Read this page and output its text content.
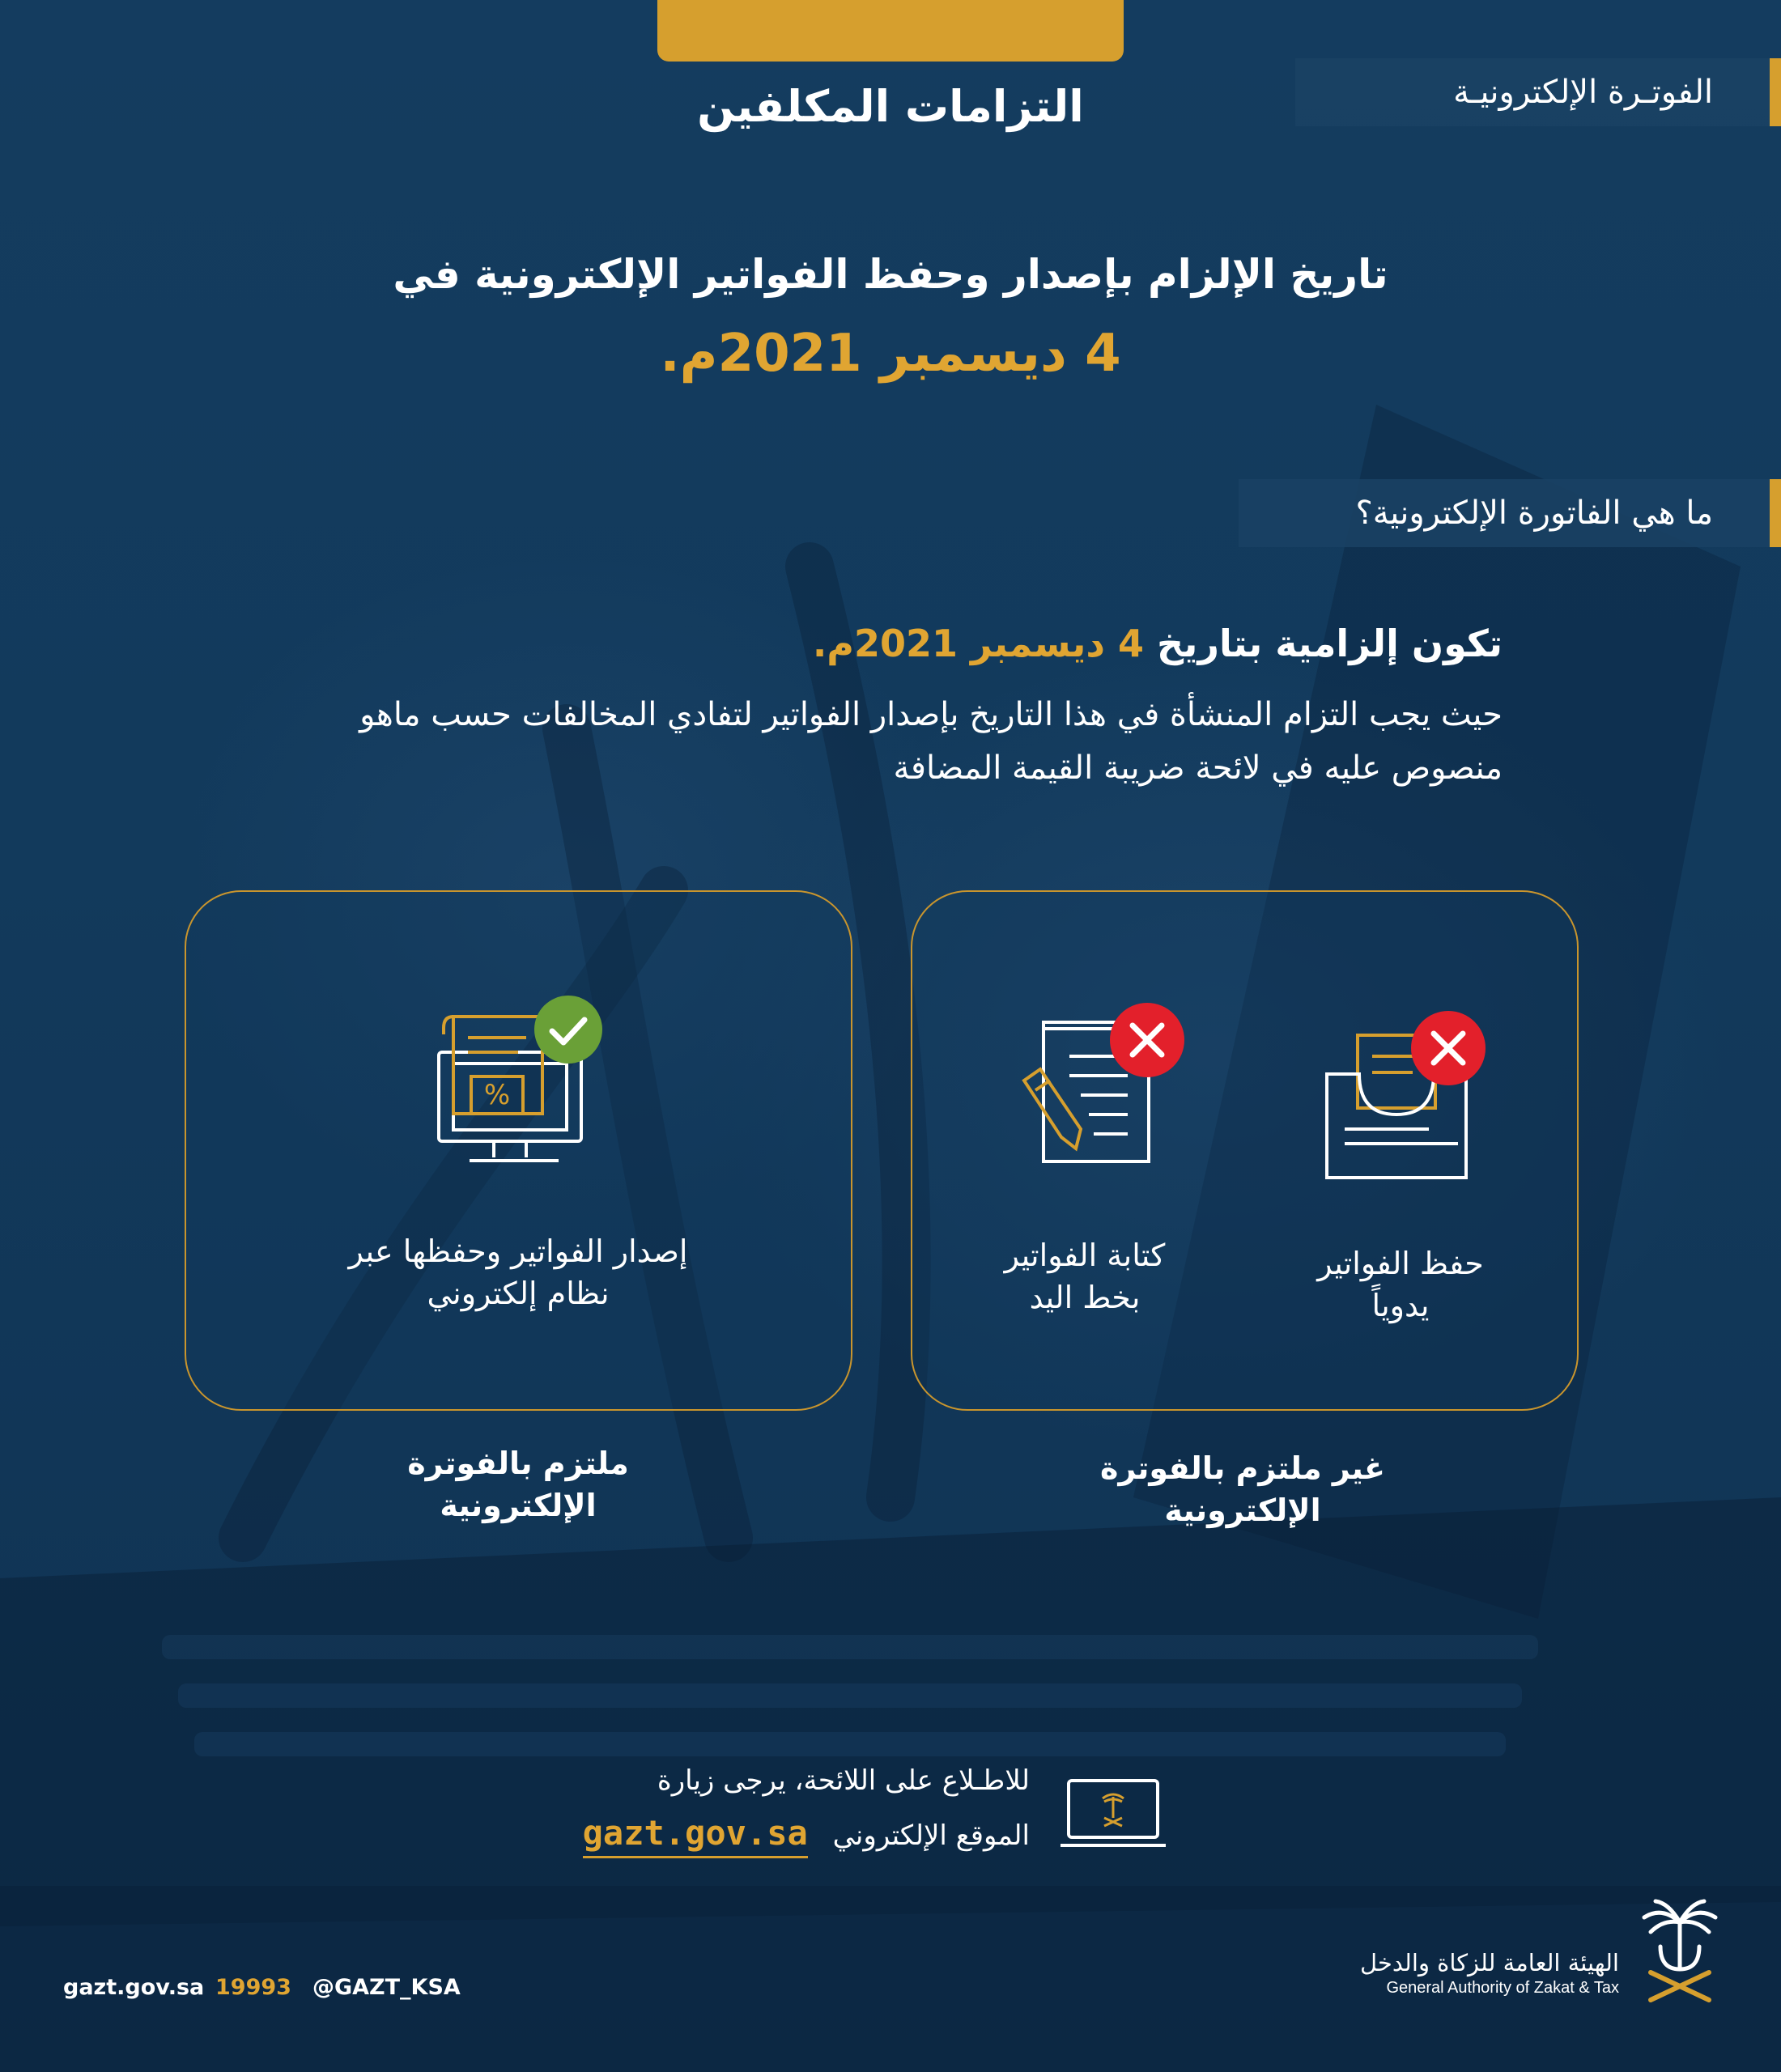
التزامات المكلفين	الفوتـرة الإلكترونيـة
تاريخ الإلزام بإصدار وحفظ الفواتير الإلكترونية في
4 ديسمبر 2021م.
ما هي الفاتورة الإلكترونية؟
تكون إلزامية بتاريخ 4 ديسمبر 2021م.
حيث يجب التزام المنشأة في هذا التاريخ بإصدار الفواتير لتفادي المخالفات حسب ماهو منصوص عليه في لائحة ضريبة القيمة المضافة
%
إصدار الفواتير وحفظها عبر
نظام إلكتروني
ملتزم بالفوترة
الإلكترونية
كتابة الفواتير
بخط اليد
حفظ الفواتير
يدوياً
غير ملتزم بالفوترة
الإلكترونية
للاطـلاع على اللائحة، يرجى زيارة
الموقع الإلكتروني gazt.gov.sa
gazt.gov.sa 19993 @GAZT_KSA
الهيئة العامة للزكاة والدخل
General Authority of Zakat & Tax
